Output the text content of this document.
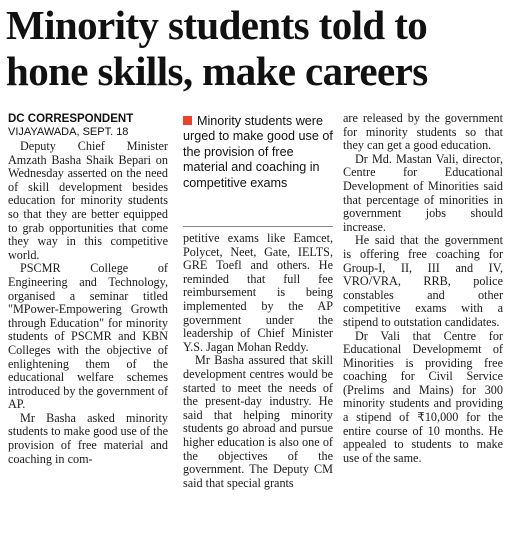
Minority students told to
hone skills, make careers
DC CORRESPONDENT
VIJAYAWADA, SEPT. 18

Deputy Chief Minister Amzath Basha Shaik Bepari on Wednesday asserted on the need of skill development besides education for minority students so that they are better equipped to grab opportunities that come they way in this competitive world.

PSCMR College of Engineering and Technology, organised a seminar titled "MPower-Empowering Growth through Education" for minority students of PSCMR and KBN Colleges with the objective of enlightening them of the educational welfare schemes introduced by the government of AP.

Mr Basha asked minority students to make good use of the provision of free material and coaching in com-

Minority students were urged to make good use of the provision of free material and coaching in competitive exams

petitive exams like Eamcet, Polycet, Neet, Gate, IELTS, GRE Toefl and others. He reminded that full fee reimbursement is being implemented by the AP government under the leadership of Chief Minister Y.S. Jagan Mohan Reddy.

Mr Basha assured that skill development centres would be started to meet the needs of the present-day industry. He said that helping minority students go abroad and pursue higher education is also one of the objectives of the government. The Deputy CM said that special grants

are released by the government for minority students so that they can get a good education.

Dr Md. Mastan Vali, director, Centre for Educational Development of Minorities said that percentage of minorities in government jobs should increase.

He said that the government is offering free coaching for Group-I, II, III and IV, VRO/VRA, RRB, police constables and other competitive exams with a stipend to outstation candidates.

Dr Vali that Centre for Educational Developmemt of Minorities is providing free coaching for Civil Service (Prelims and Mains) for 300 minority students and providing a stipend of ₹10,000 for the entire course of 10 months. He appealed to students to make use of the same.
